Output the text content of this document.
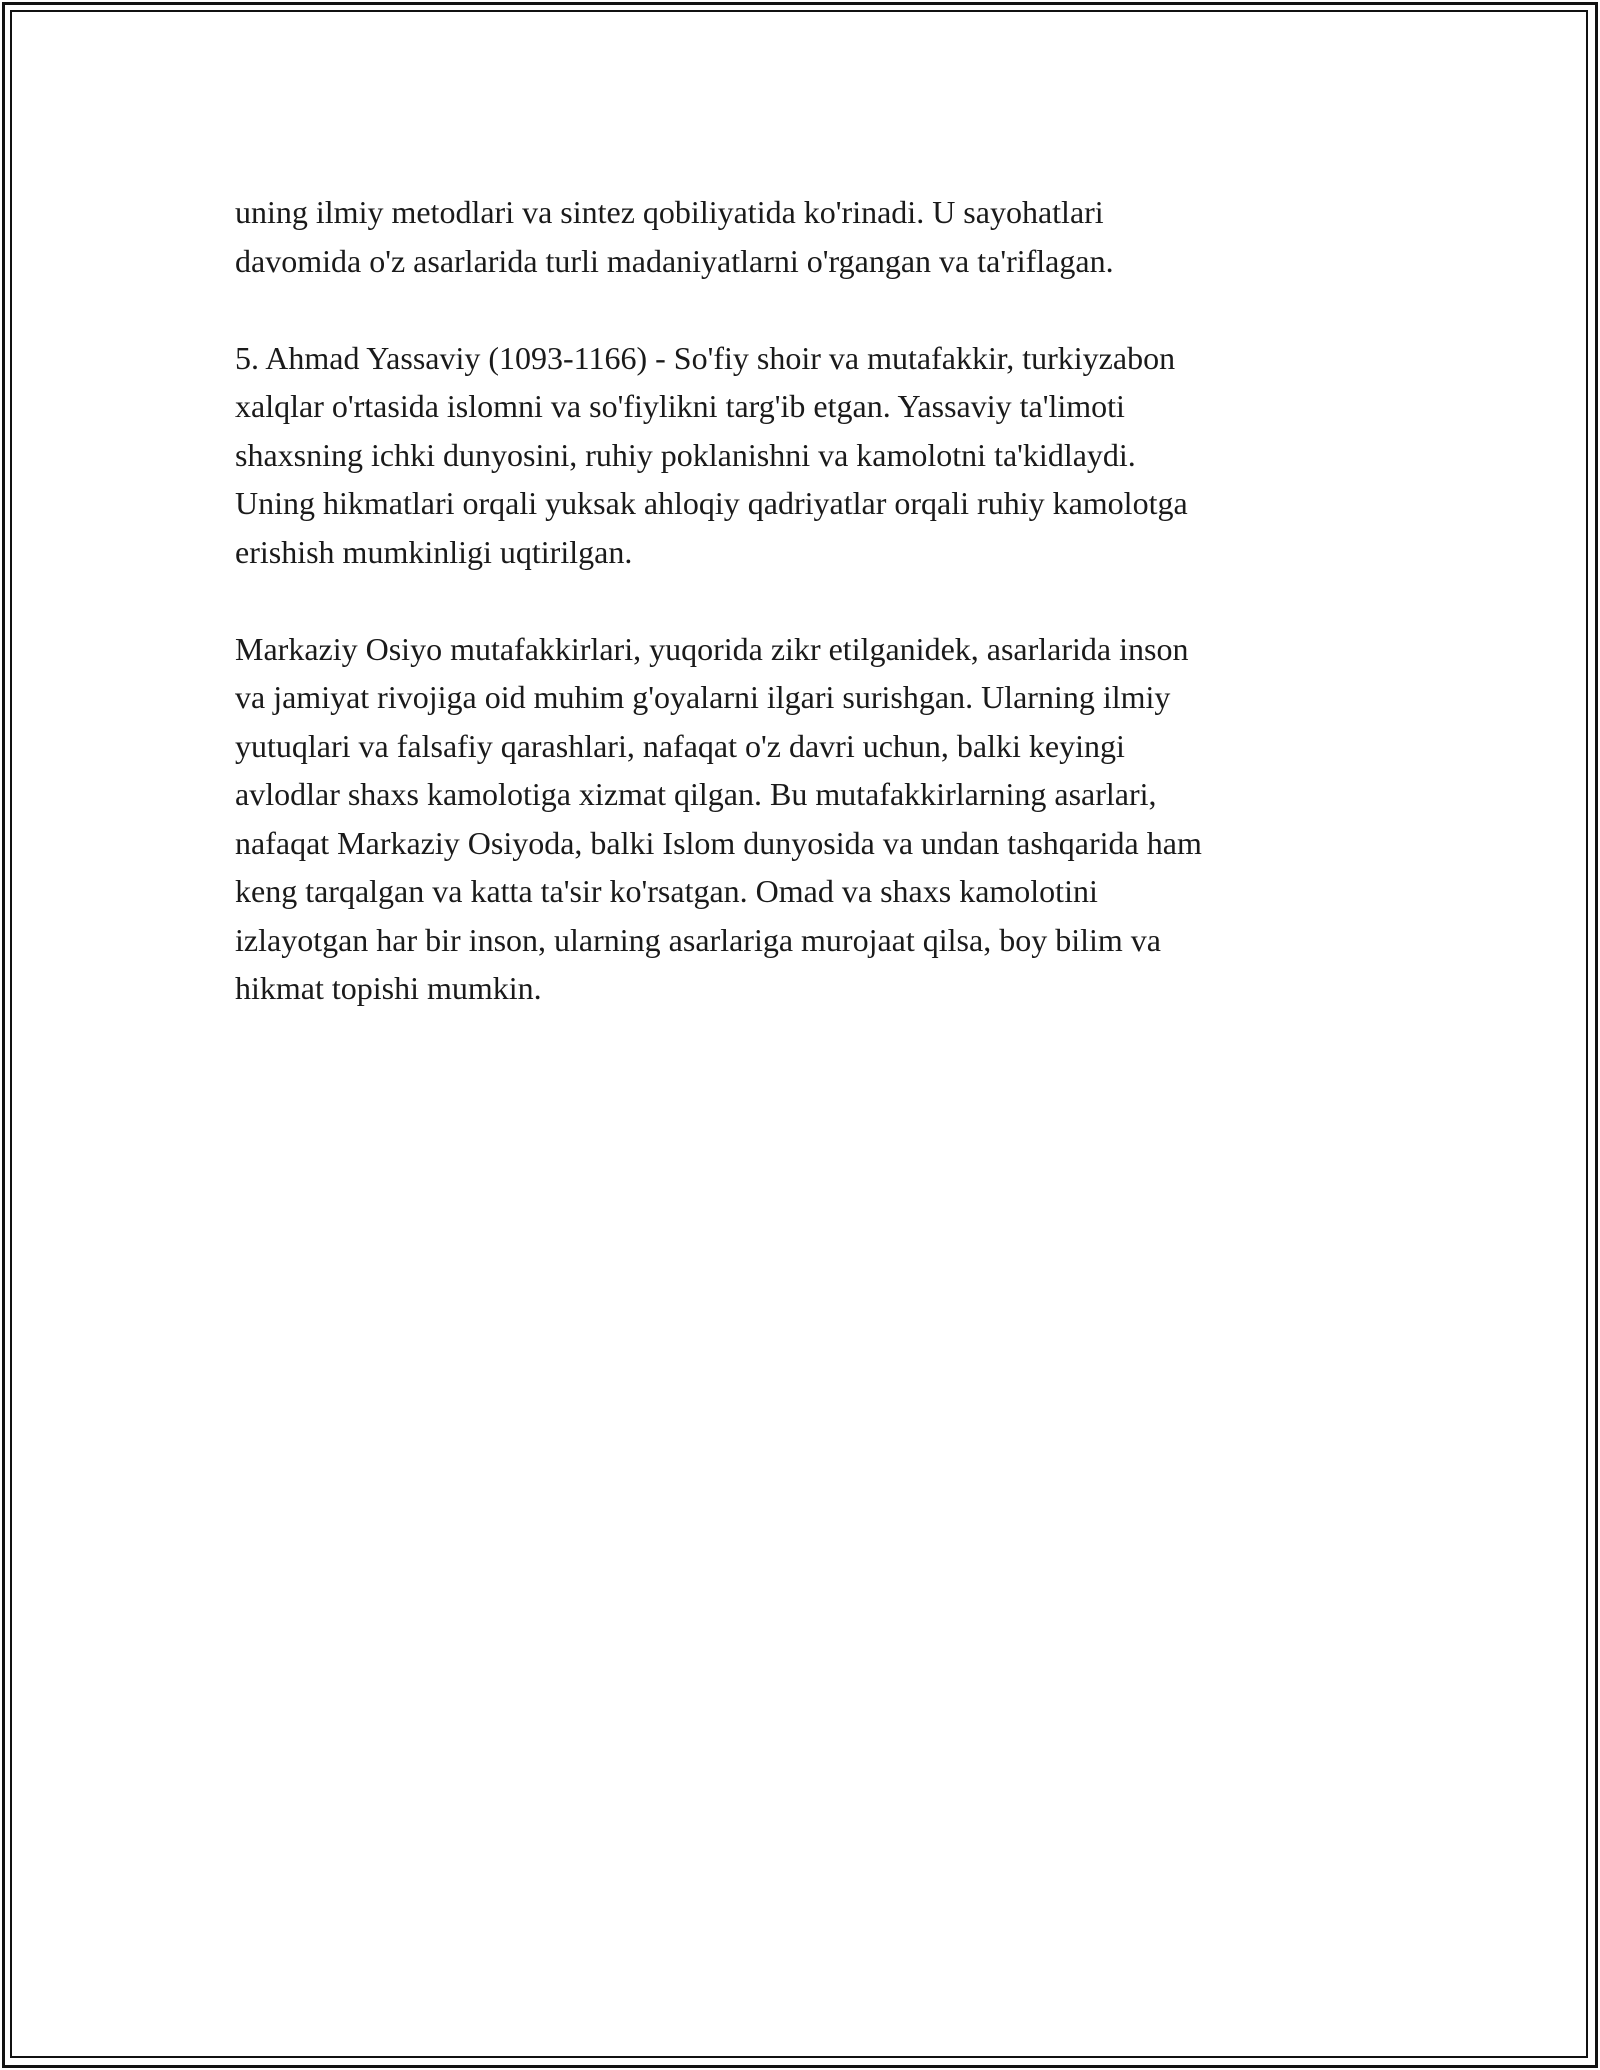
uning ilmiy metodlari va sintez qobiliyatida ko'rinadi. U sayohatlari
davomida o'z asarlarida turli madaniyatlarni o'rgangan va ta'riflagan.

5. Ahmad Yassaviy (1093-1166) - So'fiy shoir va mutafakkir, turkiyzabon
xalqlar o'rtasida islomni va so'fiylikni targ'ib etgan. Yassaviy ta'limoti
shaxsning ichki dunyosini, ruhiy poklanishni va kamolotni ta'kidlaydi.
Uning hikmatlari orqali yuksak ahloqiy qadriyatlar orqali ruhiy kamolotga
erishish mumkinligi uqtirilgan.

Markaziy Osiyo mutafakkirlari, yuqorida zikr etilganidek, asarlarida inson
va jamiyat rivojiga oid muhim g'oyalarni ilgari surishgan. Ularning ilmiy
yutuqlari va falsafiy qarashlari, nafaqat o'z davri uchun, balki keyingi
avlodlar shaxs kamolotiga xizmat qilgan. Bu mutafakkirlarning asarlari,
nafaqat Markaziy Osiyoda, balki Islom dunyosida va undan tashqarida ham
keng tarqalgan va katta ta'sir ko'rsatgan. Omad va shaxs kamolotini
izlayotgan har bir inson, ularning asarlariga murojaat qilsa, boy bilim va
hikmat topishi mumkin.
